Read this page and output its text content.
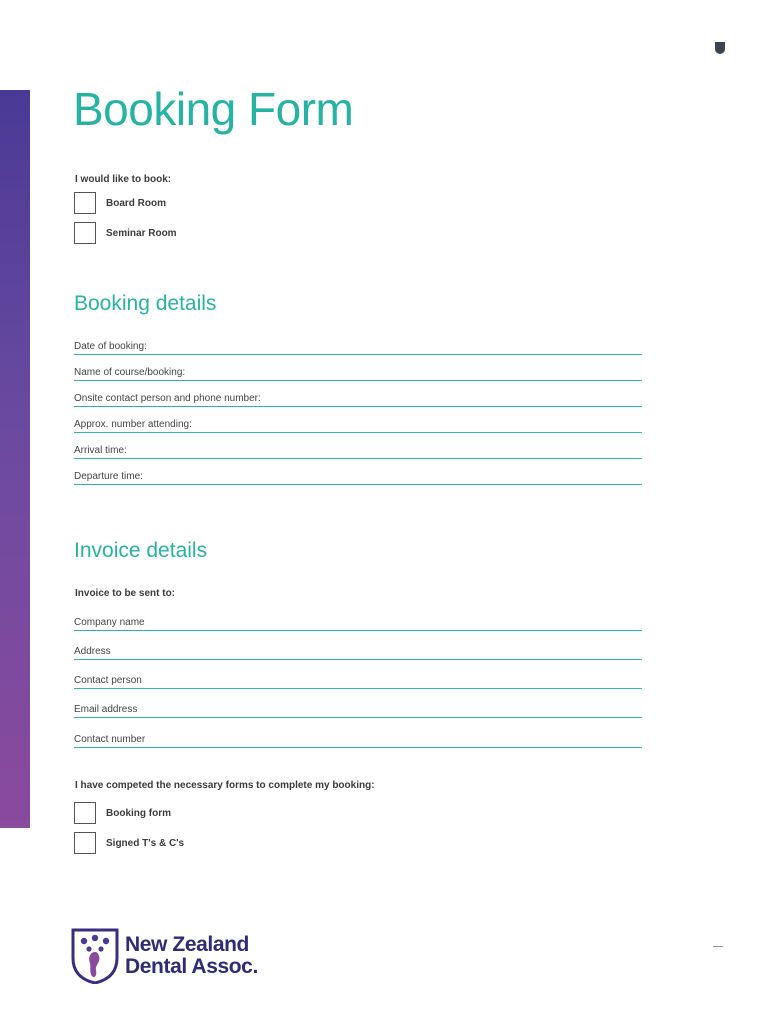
Booking Form
I would like to book:
Board Room
Seminar Room
Booking details
Date of booking:
Name of course/booking:
Onsite contact person and phone number:
Approx. number attending:
Arrival time:
Departure time:
Invoice details
Invoice to be sent to:
Company name
Address
Contact person
Email address
Contact number
I have competed the necessary forms to complete my booking:
Booking form
Signed T's & C's
New Zealand
Dental Assoc.
